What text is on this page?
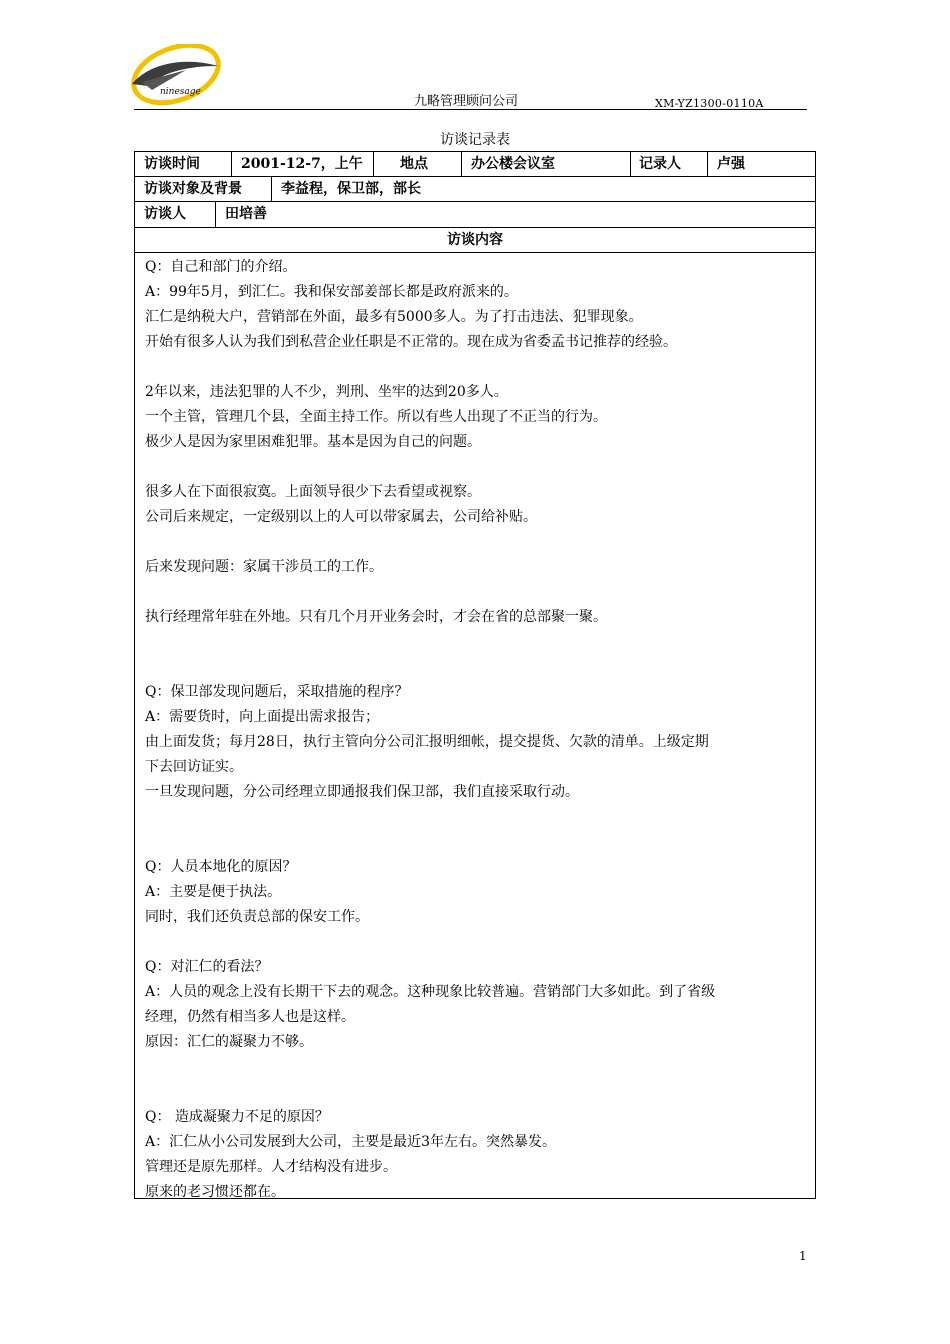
ninesage
九略管理顾问公司	XM-YZ1300-0110A
访谈记录表
访谈时间	2001-12-7，上午	地点	办公楼会议室	记录人	卢强
访谈对象及背景	李益程，保卫部，部长
访谈人	田培善
访谈内容

Q：自己和部门的介绍。

A：99年5月，到汇仁。我和保安部姜部长都是政府派来的。

汇仁是纳税大户，营销部在外面，最多有5000多人。为了打击违法、犯罪现象。

开始有很多人认为我们到私营企业任职是不正常的。现在成为省委孟书记推荐的经验。

2年以来，违法犯罪的人不少，判刑、坐牢的达到20多人。

一个主管，管理几个县，全面主持工作。所以有些人出现了不正当的行为。

极少人是因为家里困难犯罪。基本是因为自己的问题。

很多人在下面很寂寞。上面领导很少下去看望或视察。

公司后来规定，一定级别以上的人可以带家属去，公司给补贴。

后来发现问题：家属干涉员工的工作。

执行经理常年驻在外地。只有几个月开业务会时，才会在省的总部聚一聚。

Q：保卫部发现问题后，采取措施的程序？

A：需要货时，向上面提出需求报告；

由上面发货；每月28日，执行主管向分公司汇报明细帐，提交提货、欠款的清单。上级定期

下去回访证实。

一旦发现问题，分公司经理立即通报我们保卫部，我们直接采取行动。

Q：人员本地化的原因？

A：主要是便于执法。

同时，我们还负责总部的保安工作。

Q：对汇仁的看法？

A：人员的观念上没有长期干下去的观念。这种现象比较普遍。营销部门大多如此。到了省级

经理，仍然有相当多人也是这样。

原因：汇仁的凝聚力不够。

Q： 造成凝聚力不足的原因？

A：汇仁从小公司发展到大公司，主要是最近3年左右。突然暴发。

管理还是原先那样。人才结构没有进步。

原来的老习惯还都在。

1
